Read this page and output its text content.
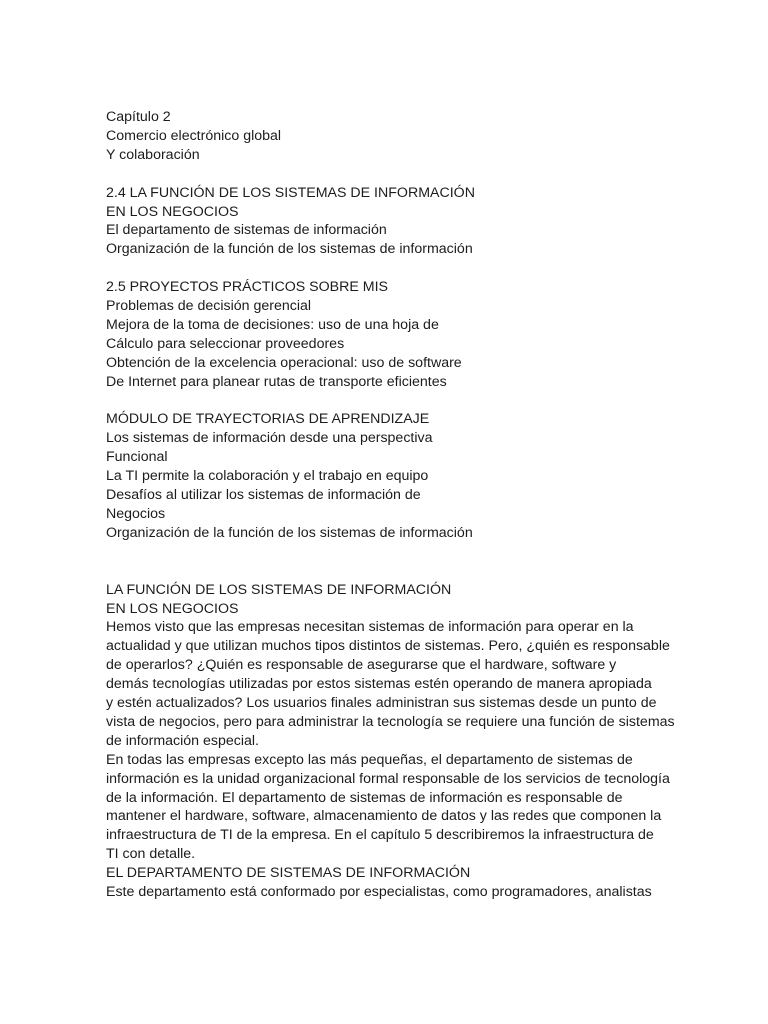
Capítulo 2
Comercio electrónico global
Y colaboración
2.4 LA FUNCIÓN DE LOS SISTEMAS DE INFORMACIÓN
EN LOS NEGOCIOS
El departamento de sistemas de información
Organización de la función de los sistemas de información
2.5 PROYECTOS PRÁCTICOS SOBRE MIS
Problemas de decisión gerencial
Mejora de la toma de decisiones: uso de una hoja de
Cálculo para seleccionar proveedores
Obtención de la excelencia operacional: uso de software
De Internet para planear rutas de transporte eficientes
MÓDULO DE TRAYECTORIAS DE APRENDIZAJE
Los sistemas de información desde una perspectiva
Funcional
La TI permite la colaboración y el trabajo en equipo
Desafíos al utilizar los sistemas de información de
Negocios
Organización de la función de los sistemas de información
LA FUNCIÓN DE LOS SISTEMAS DE INFORMACIÓN
EN LOS NEGOCIOS
Hemos visto que las empresas necesitan sistemas de información para operar en la
actualidad y que utilizan muchos tipos distintos de sistemas. Pero, ¿quién es responsable
de operarlos? ¿Quién es responsable de asegurarse que el hardware, software y
demás tecnologías utilizadas por estos sistemas estén operando de manera apropiada
y estén actualizados? Los usuarios finales administran sus sistemas desde un punto de
vista de negocios, pero para administrar la tecnología se requiere una función de sistemas
de información especial.
En todas las empresas excepto las más pequeñas, el departamento de sistemas de
información es la unidad organizacional formal responsable de los servicios de tecnología
de la información. El departamento de sistemas de información es responsable de
mantener el hardware, software, almacenamiento de datos y las redes que componen la
infraestructura de TI de la empresa. En el capítulo 5 describiremos la infraestructura de
TI con detalle.
EL DEPARTAMENTO DE SISTEMAS DE INFORMACIÓN
Este departamento está conformado por especialistas, como programadores, analistas
